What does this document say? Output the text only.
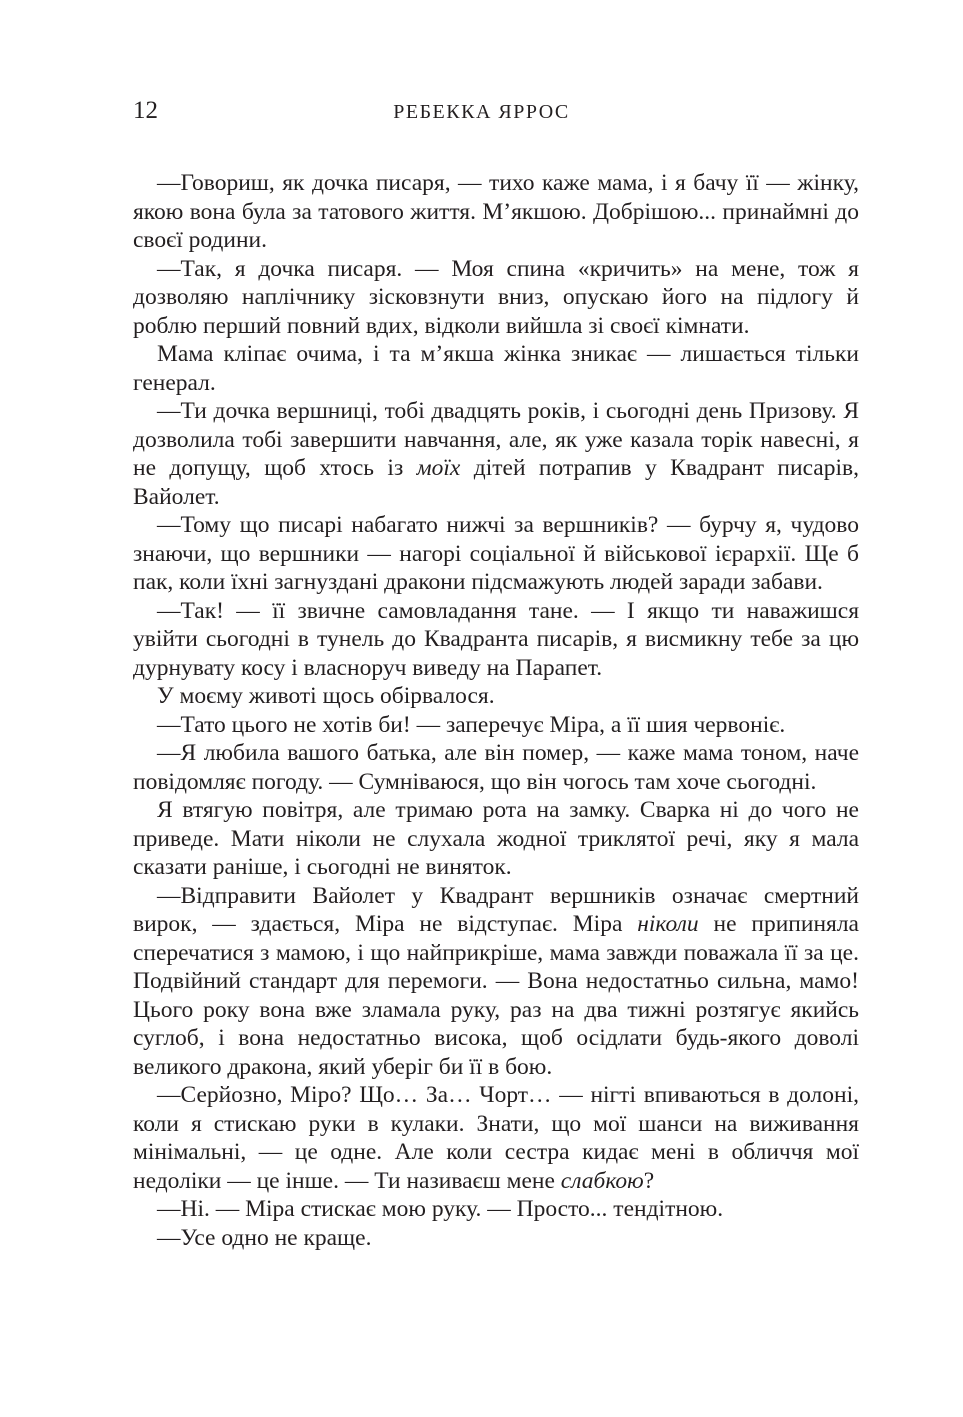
12	РЕБЕККА ЯРРОС

—Говориш, як дочка писаря, — тихо каже мама, і я бачу її — жінку, якою вона була за татового життя. М’якшою. Добрішою... принаймні до своєї родини.

—Так, я дочка писаря. — Моя спина «кричить» на мене, тож я дозволяю наплічнику зісковзнути вниз, опускаю його на підлогу й роблю перший повний вдих, відколи вийшла зі своєї кімнати.

Мама кліпає очима, і та м’якша жінка зникає — лишається тільки генерал.

—Ти дочка вершниці, тобі двадцять років, і сьогодні день Призову. Я дозволила тобі завершити навчання, але, як уже казала торік навесні, я не допущу, щоб хтось із моїх дітей потрапив у Квадрант писарів, Вайолет.

—Тому що писарі набагато нижчі за вершників? — бурчу я, чудово знаючи, що вершники — нагорі соціальної й військової ієрархії. Ще б пак, коли їхні загнуздані дракони підсмажують людей заради забави.

—Так! — її звичне самовладання тане. — І якщо ти наважишся увійти сьогодні в тунель до Квадранта писарів, я висмикну тебе за цю дурнувату косу і власноруч виведу на Парапет.

У моєму животі щось обірвалося.

—Тато цього не хотів би! — заперечує Міра, а її шия червоніє.

—Я любила вашого батька, але він помер, — каже мама тоном, наче повідомляє погоду. — Сумніваюся, що він чогось там хоче сьогодні.

Я втягую повітря, але тримаю рота на замку. Сварка ні до чого не приведе. Мати ніколи не слухала жодної триклятої речі, яку я мала сказати раніше, і сьогодні не виняток.

—Відправити Вайолет у Квадрант вершників означає смертний вирок, — здається, Міра не відступає. Міра ніколи не припиняла сперечатися з мамою, і що найприкріше, мама завжди поважала її за це. Подвійний стандарт для перемоги. — Вона недостатньо сильна, мамо! Цього року вона вже зламала руку, раз на два тижні розтягує якийсь суглоб, і вона недостатньо висока, щоб осідлати будь-якого доволі великого дракона, який уберіг би її в бою.

—Серйозно, Міро? Що… За… Чорт… — нігті впиваються в долоні, коли я стискаю руки в кулаки. Знати, що мої шанси на виживання мінімальні, — це одне. Але коли сестра кидає мені в обличчя мої недоліки — це інше. — Ти називаєш мене слабкою?

—Ні. — Міра стискає мою руку. — Просто... тендітною.

—Усе одно не краще.
